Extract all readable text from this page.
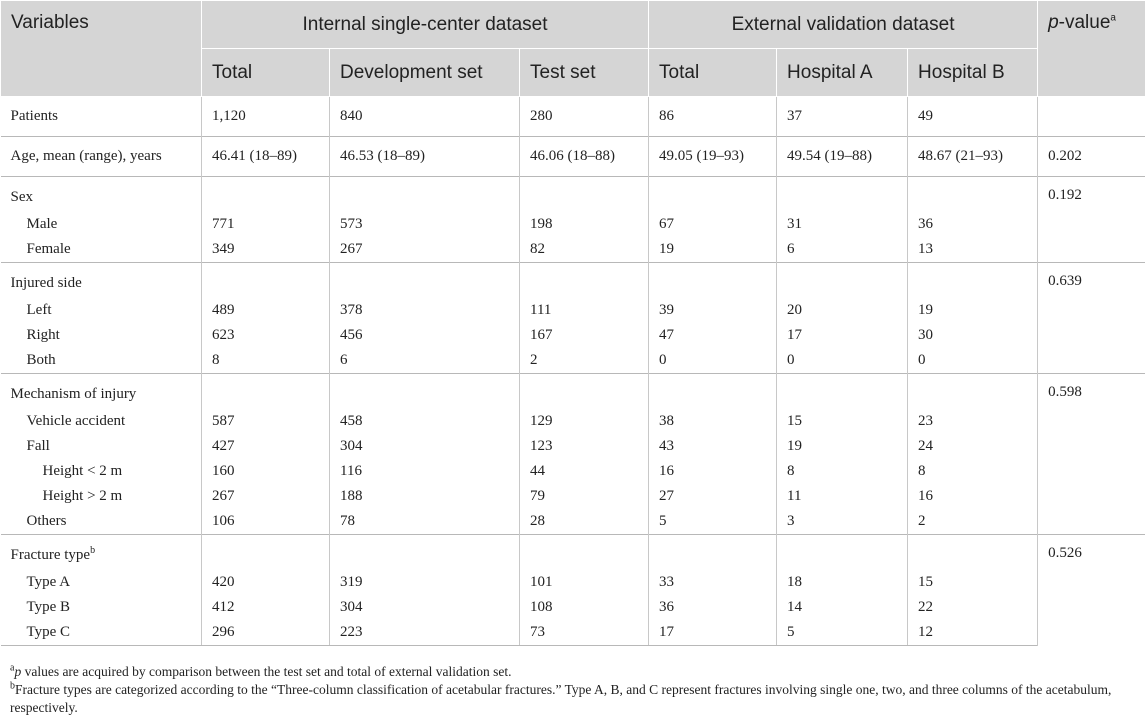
Variables	Internal single-center dataset			External validation dataset			p-value$^a$
	Total	Development set	Test set	Total	Hospital A	Hospital B	
Patients	1,120	840	280	86	37	49	
Age, mean (range), years	46.41 (18–89)	46.53 (18–89)	46.06 (18–88)	49.05 (19–93)	49.54 (19–88)	48.67 (21–93)	0.202
Sex							0.192
Male	771	573	198	67	31	36	
Female	349	267	82	19	6	13	
Injured side							0.639
Left	489	378	111	39	20	19	
Right	623	456	167	47	17	30	
Both	8	6	2	0	0	0	
Mechanism of injury							0.598
Vehicle accident	587	458	129	38	15	23	
Fall	427	304	123	43	19	24	
Height < 2 m	160	116	44	16	8	8	
Height > 2 m	267	188	79	27	11	16	
Others	106	78	28	5	3	2	
Fracture type$^b$							0.526
Type A	420	319	101	33	18	15	
Type B	412	304	108	36	14	22	
Type C	296	223	73	17	5	12	

$^a$p values are acquired by comparison between the test set and total of external validation set.

$^b$Fracture types are categorized according to the “Three-column classification of acetabular fractures.” Type A, B, and C represent fractures involving single one, two, and three columns of the acetabulum, respectively.
